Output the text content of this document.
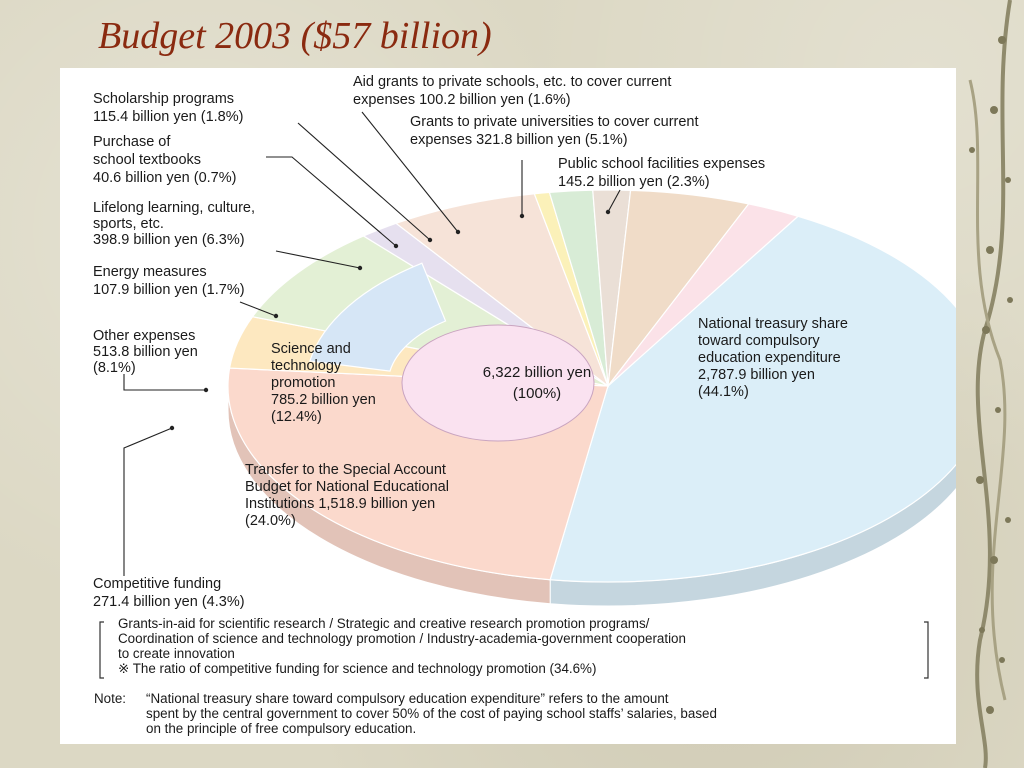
Budget 2003 ($57 billion)
6,322 billion yen
(100%)
National treasury share
toward compulsory
education expenditure
2,787.9 billion yen
(44.1%)
Transfer to the Special Account
Budget for National Educational
Institutions 1,518.9 billion yen
(24.0%)
Competitive funding
271.4 billion yen (4.3%)
Other expenses
513.8 billion yen
(8.1%)
Energy measures
107.9 billion yen (1.7%)
Lifelong learning, culture,
sports, etc.
398.9 billion yen (6.3%)
Purchase of
school textbooks
40.6 billion yen (0.7%)
Scholarship programs
115.4 billion yen (1.8%)
Aid grants to private schools, etc. to cover current
expenses 100.2 billion yen (1.6%)
Grants to private universities to cover current
expenses 321.8 billion yen (5.1%)
Public school facilities expenses
145.2 billion yen (2.3%)
Science and
technology
promotion
785.2 billion yen
(12.4%)
Grants-in-aid for scientific research / Strategic and creative research promotion programs/
Coordination of science and technology promotion / Industry-academia-government cooperation
to create innovation
※ The ratio of competitive funding for science and technology promotion (34.6%)
Note: “National treasury share toward compulsory education expenditure” refers to the amount
spent by the central government to cover 50% of the cost of paying school staffs’ salaries, based
on the principle of free compulsory education.
